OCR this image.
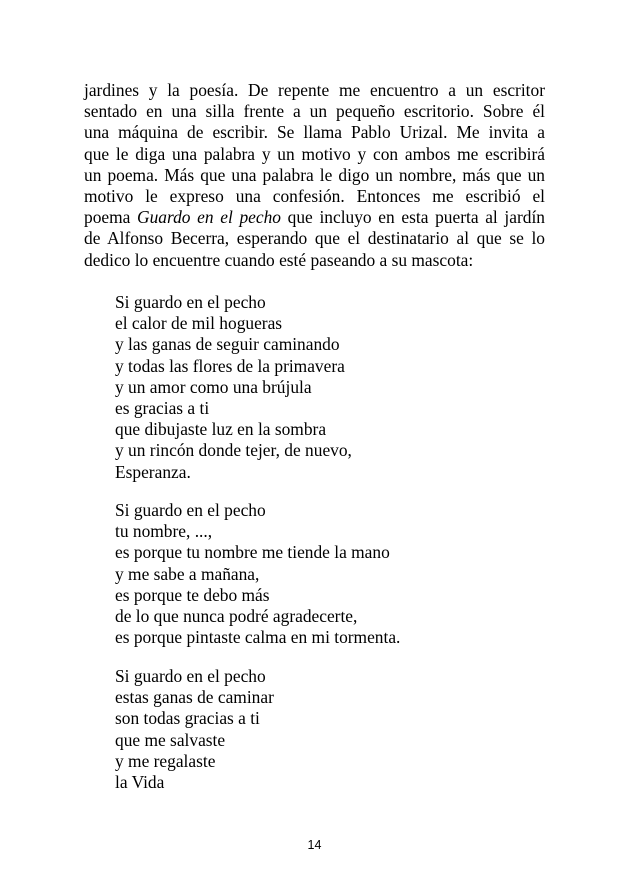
jardines y la poesía. De repente me encuentro a un escritor
sentado en una silla frente a un pequeño escritorio. Sobre él
una máquina de escribir. Se llama Pablo Urizal. Me invita a
que le diga una palabra y un motivo y con ambos me escribirá
un poema. Más que una palabra le digo un nombre, más que un
motivo le expreso una confesión. Entonces me escribió el
poema Guardo en el pecho que incluyo en esta puerta al jardín
de Alfonso Becerra, esperando que el destinatario al que se lo
dedico lo encuentre cuando esté paseando a su mascota:
Si guardo en el pecho
el calor de mil hogueras
y las ganas de seguir caminando
y todas las flores de la primavera
y un amor como una brújula
es gracias a ti
que dibujaste luz en la sombra
y un rincón donde tejer, de nuevo,
Esperanza.
Si guardo en el pecho
tu nombre, ...,
es porque tu nombre me tiende la mano
y me sabe a mañana,
es porque te debo más
de lo que nunca podré agradecerte,
es porque pintaste calma en mi tormenta.
Si guardo en el pecho
estas ganas de caminar
son todas gracias a ti
que me salvaste
y me regalaste
la Vida
14
